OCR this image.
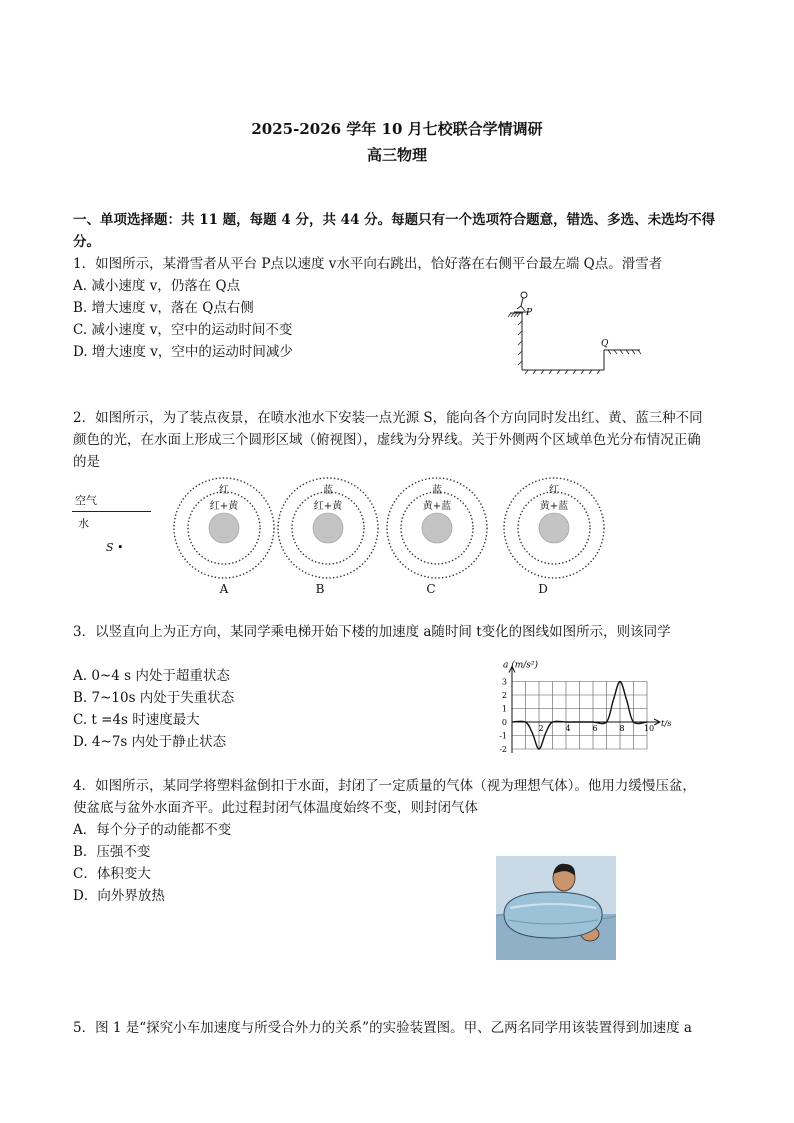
2025-2026 学年 10 月七校联合学情调研
高三物理
一、单项选择题：共 11 题，每题 4 分，共 44 分。每题只有一个选项符合题意，错选、多选、未选均不得
分。
1．如图所示，某滑雪者从平台 P点以速度 v水平向右跳出，恰好落在右侧平台最左端 Q点。滑雪者
A. 减小速度 v，仍落在 Q点
B. 增大速度 v，落在 Q点右侧
C. 减小速度 v，空中的运动时间不变
D. 增大速度 v，空中的运动时间减少
P
Q
2．如图所示，为了装点夜景，在喷水池水下安装一点光源 S，能向各个方向同时发出红、黄、蓝三种不同
颜色的光，在水面上形成三个圆形区域（俯视图），虚线为分界线。关于外侧两个区域单色光分布情况正确
的是
空气
水
S •
红
红+黄
A
蓝
红+黄
B
蓝
黄+蓝
C
红
黄+蓝
D
3．以竖直向上为正方向，某同学乘电梯开始下楼的加速度 a随时间 t变化的图线如图所示，则该同学
A. 0~4 s 内处于超重状态
B. 7~10s 内处于失重状态
C. t =4s 时速度最大
D. 4~7s 内处于静止状态
3
2
1
0
-1
-2
2	4	6	8 10
a (m/s²)
t/s
4．如图所示，某同学将塑料盆倒扣于水面，封闭了一定质量的气体（视为理想气体）。他用力缓慢压盆，
使盆底与盆外水面齐平。此过程封闭气体温度始终不变，则封闭气体
A．每个分子的动能都不变
B．压强不变
C．体积变大
D．向外界放热
5．图 1 是“探究小车加速度与所受合外力的关系”的实验装置图。甲、乙两名同学用该装置得到加速度 a
